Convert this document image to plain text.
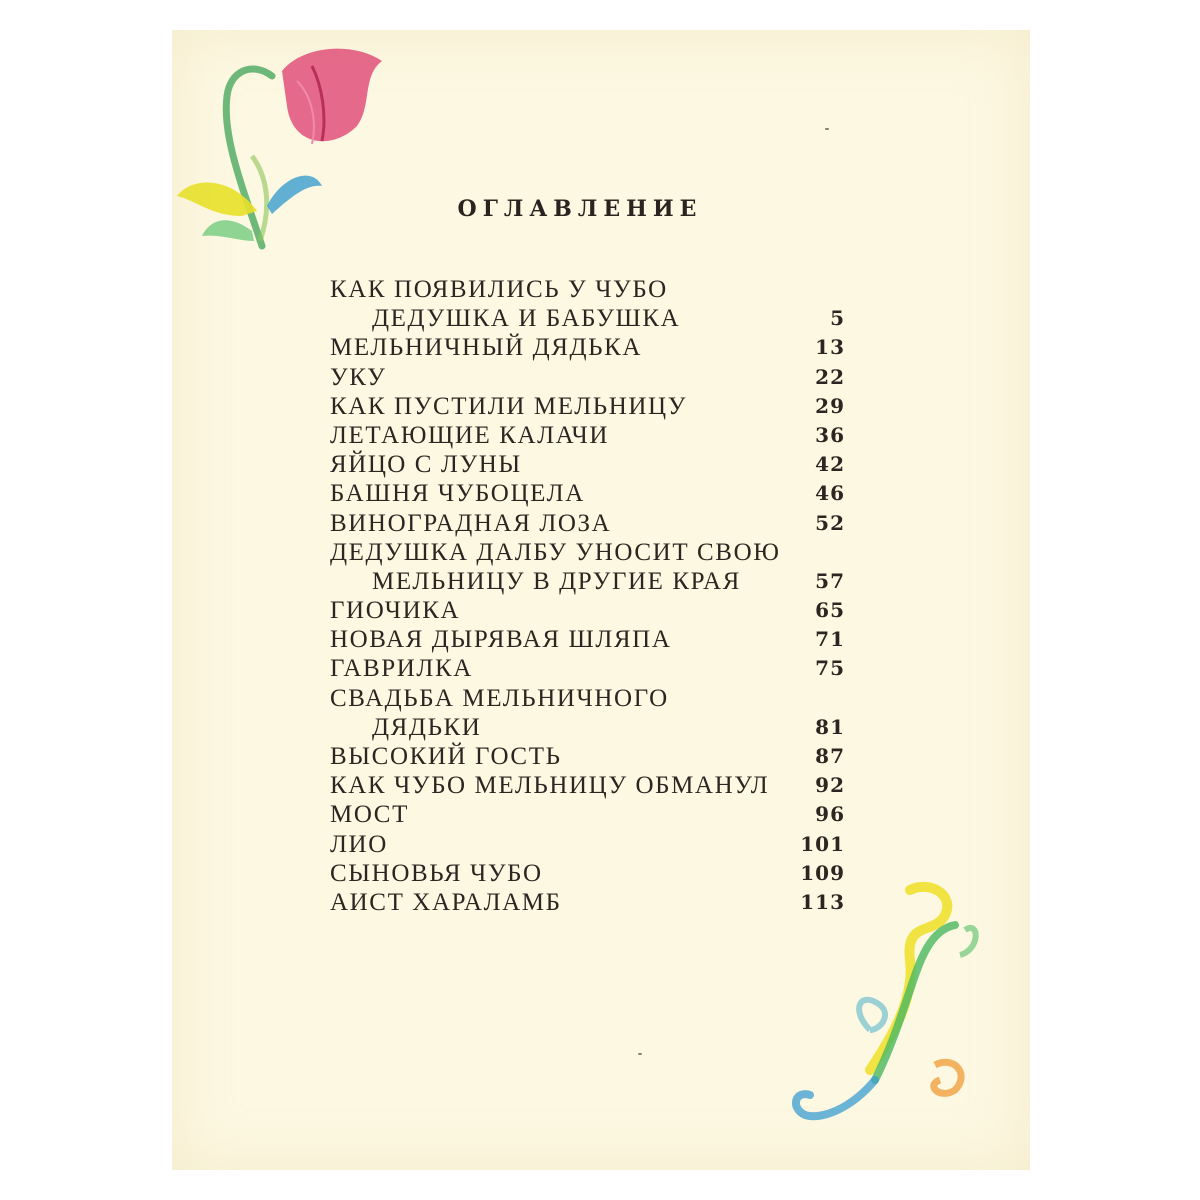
ОГЛАВЛЕНИЕ
КАК ПОЯВИЛИСЬ У ЧУБО
ДЕДУШКА И БАБУШКА	5
МЕЛЬНИЧНЫЙ ДЯДЬКА	13
УКУ	22
КАК ПУСТИЛИ МЕЛЬНИЦУ	29
ЛЕТАЮЩИЕ КАЛАЧИ	36
ЯЙЦО С ЛУНЫ	42
БАШНЯ ЧУБОЦЕЛА	46
ВИНОГРАДНАЯ ЛОЗА	52
ДЕДУШКА ДАЛБУ УНОСИТ СВОЮ
МЕЛЬНИЦУ В ДРУГИЕ КРАЯ	57
ГИОЧИКА	65
НОВАЯ ДЫРЯВАЯ ШЛЯПА	71
ГАВРИЛКА	75
СВАДЬБА МЕЛЬНИЧНОГО
ДЯДЬКИ	81
ВЫСОКИЙ ГОСТЬ	87
КАК ЧУБО МЕЛЬНИЦУ ОБМАНУЛ 92
МОСТ	96
ЛИО	101
СЫНОВЬЯ ЧУБО	109
АИСТ ХАРАЛАМБ	113
